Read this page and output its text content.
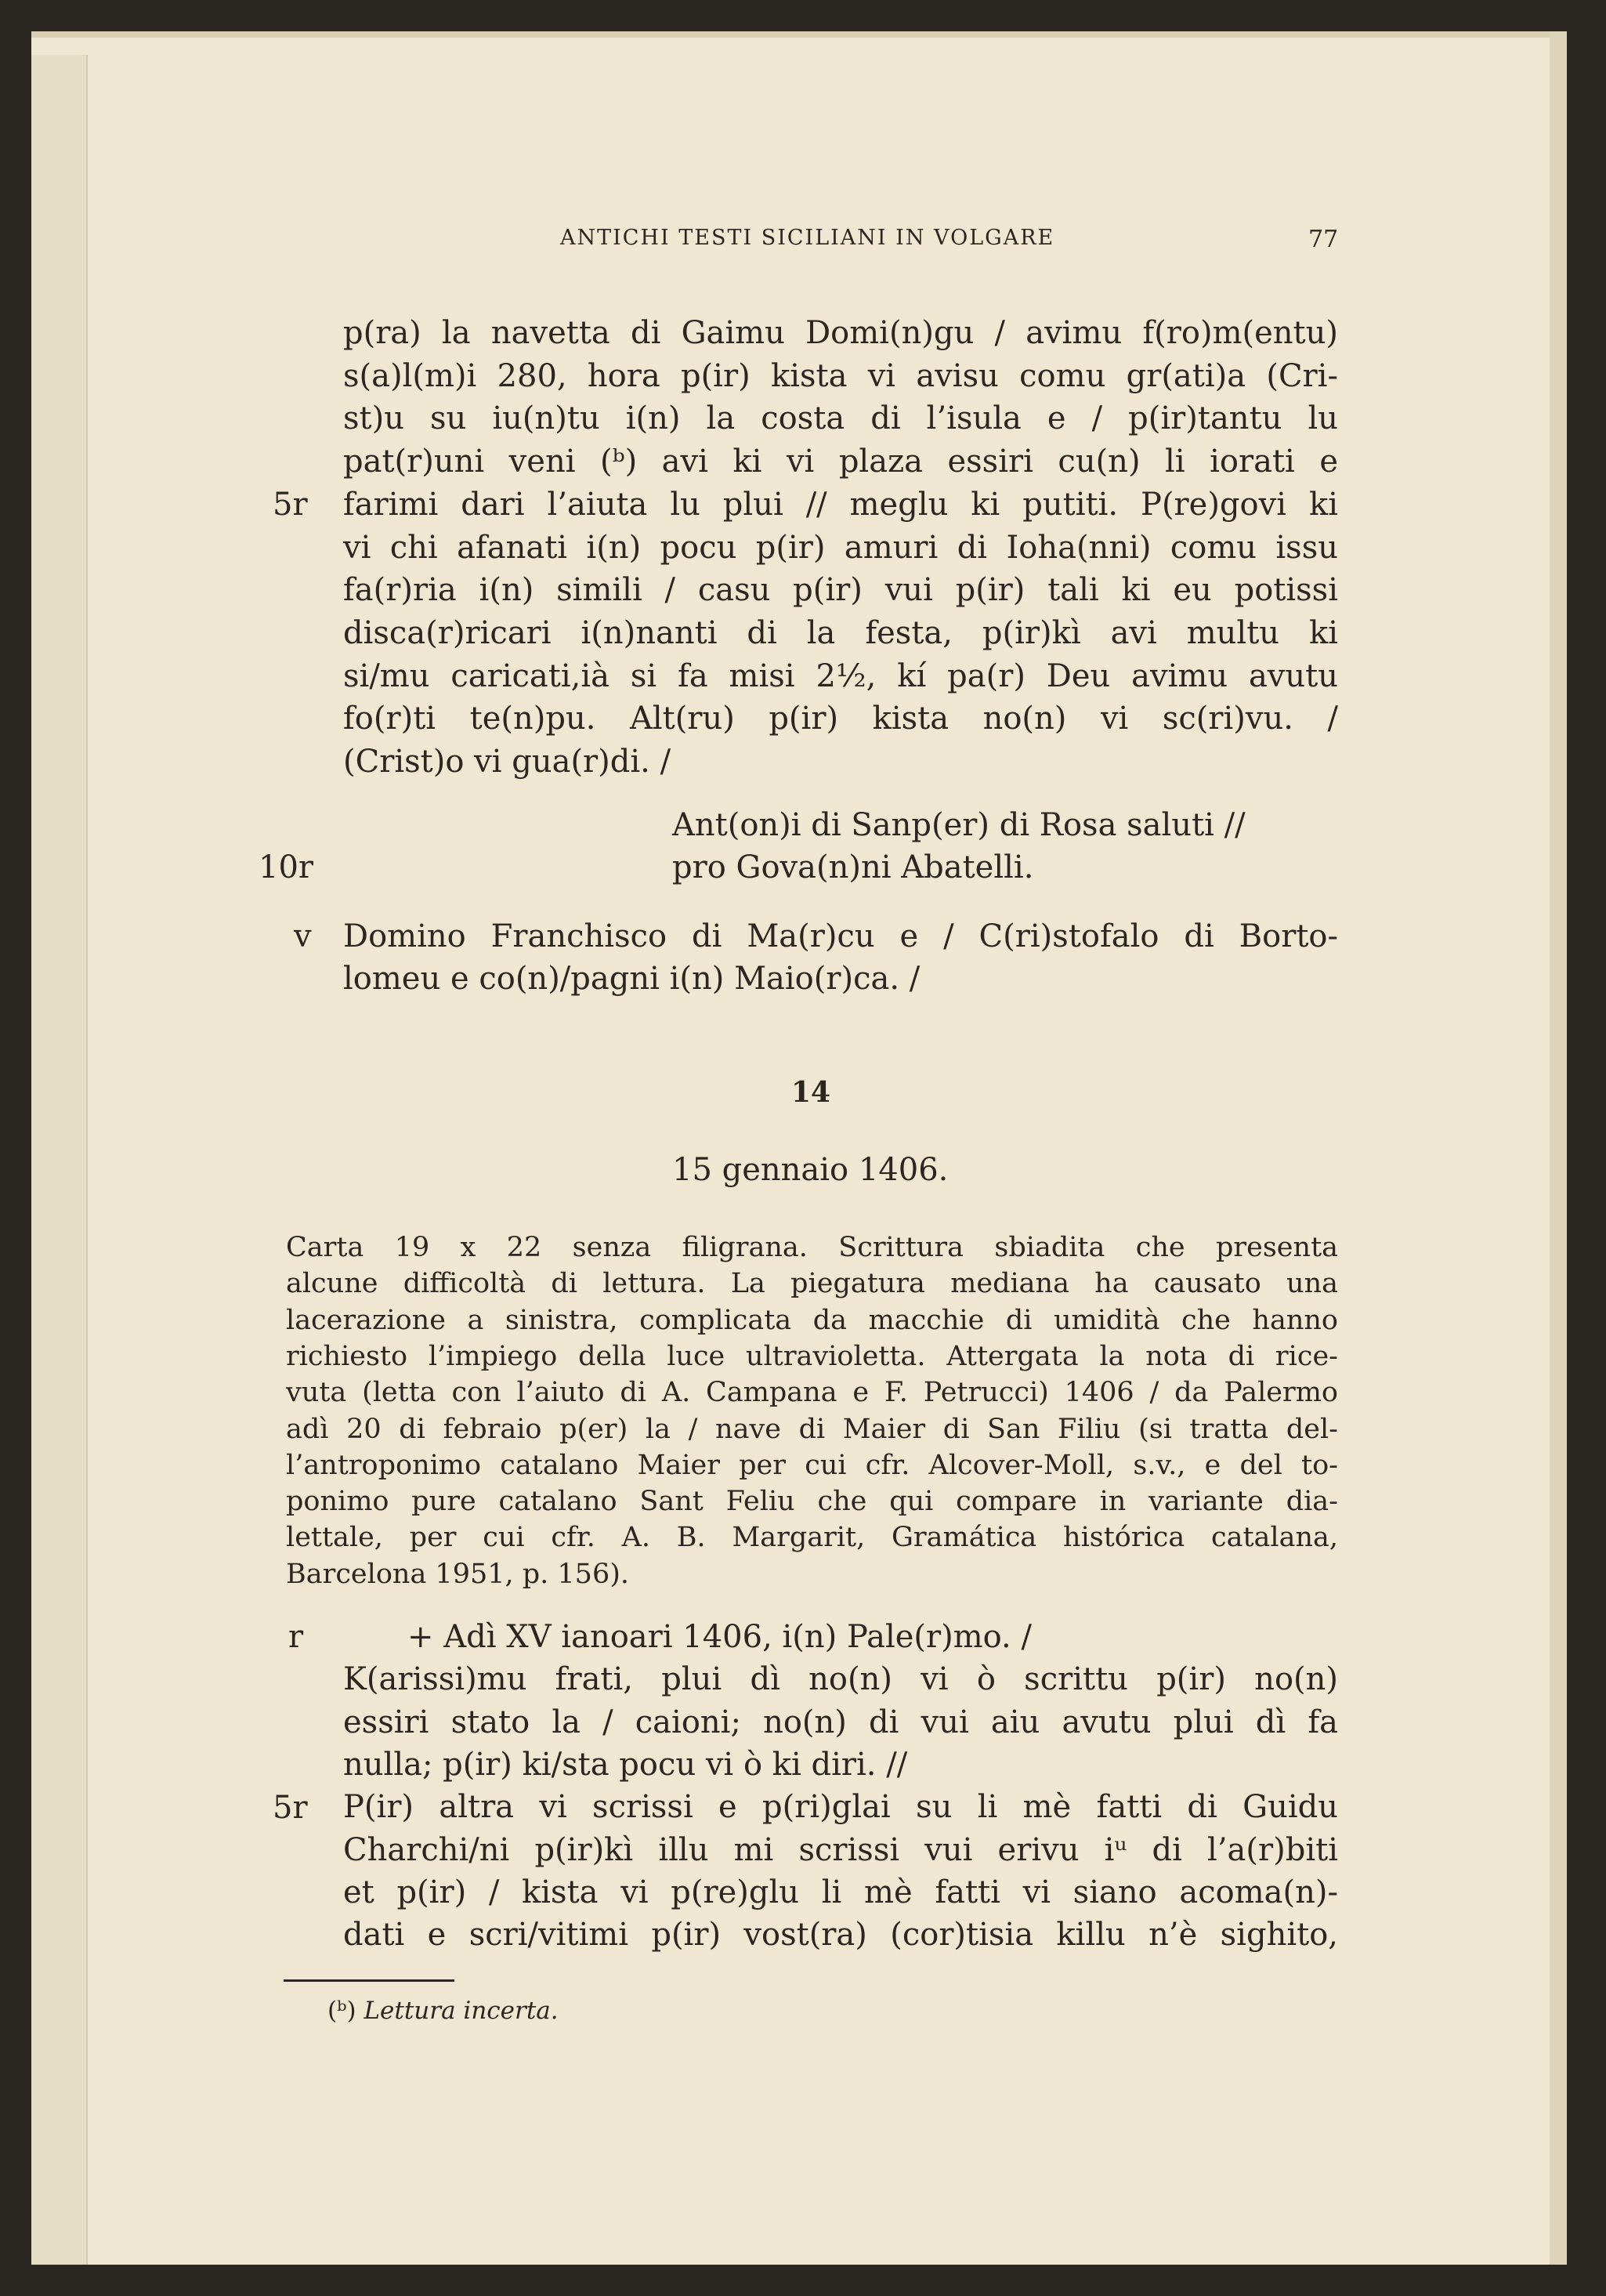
ANTICHI TESTI SICILIANI IN VOLGARE	77
p(ra) la navetta di Gaimu Domi(n)gu / avimu f(ro)m(entu)
s(a)l(m)i 280, hora p(ir) kista vi avisu comu gr(ati)a (Cri-
st)u su iu(n)tu i(n) la costa di l’isula e / p(ir)tantu lu
pat(r)uni veni (ᵇ) avi ki vi plaza essiri cu(n) li iorati e
farimi dari l’aiuta lu plui // meglu ki putiti. P(re)govi ki
vi chi afanati i(n) pocu p(ir) amuri di Ioha(nni) comu issu
fa(r)ria i(n) simili / casu p(ir) vui p(ir) tali ki eu potissi
disca(r)ricari i(n)nanti di la festa, p(ir)kì avi multu ki
si/mu caricati,ià si fa misi 2½, kí pa(r) Deu avimu avutu
fo(r)ti te(n)pu. Alt(ru) p(ir) kista no(n) vi sc(ri)vu. /
(Crist)o vi gua(r)di. /
5r
Ant(on)i di Sanp(er) di Rosa saluti //
pro Gova(n)ni Abatelli.
10r
v Domino Franchisco di Ma(r)cu e / C(ri)stofalo di Borto-
lomeu e co(n)/pagni i(n) Maio(r)ca. /
Carta 19 x 22 senza filigrana. Scrittura sbiadita che presenta
alcune difficoltà di lettura. La piegatura mediana ha causato una
lacerazione a sinistra, complicata da macchie di umidità che hanno
richiesto l’impiego della luce ultravioletta. Attergata la nota di rice-
vuta (letta con l’aiuto di A. Campana e F. Petrucci) 1406 / da Palermo
adì 20 di febraio p(er) la / nave di Maier di San Filiu (si tratta del-
l’antroponimo catalano Maier per cui cfr. Alcover-Moll, s.v., e del to-
ponimo pure catalano Sant Feliu che qui compare in variante dia-
lettale, per cui cfr. A. B. Margarit, Gramática histórica catalana,
Barcelona 1951, p. 156).
r	+ Adì XV ianoari 1406, i(n) Pale(r)mo. /
K(arissi)mu frati, plui dì no(n) vi ò scrittu p(ir) no(n)
essiri stato la / caioni; no(n) di vui aiu avutu plui dì fa
nulla; p(ir) ki/sta pocu vi ò ki diri. //
P(ir) altra vi scrissi e p(ri)glai su li mè fatti di Guidu
Charchi/ni p(ir)kì illu mi scrissi vui erivu iᵘ di l’a(r)biti
et p(ir) / kista vi p(re)glu li mè fatti vi siano acoma(n)-
dati e scri/vitimi p(ir) vost(ra) (cor)tisia killu n’è sighito,
5r
14
15 gennaio 1406.
(ᵇ) Lettura incerta.
